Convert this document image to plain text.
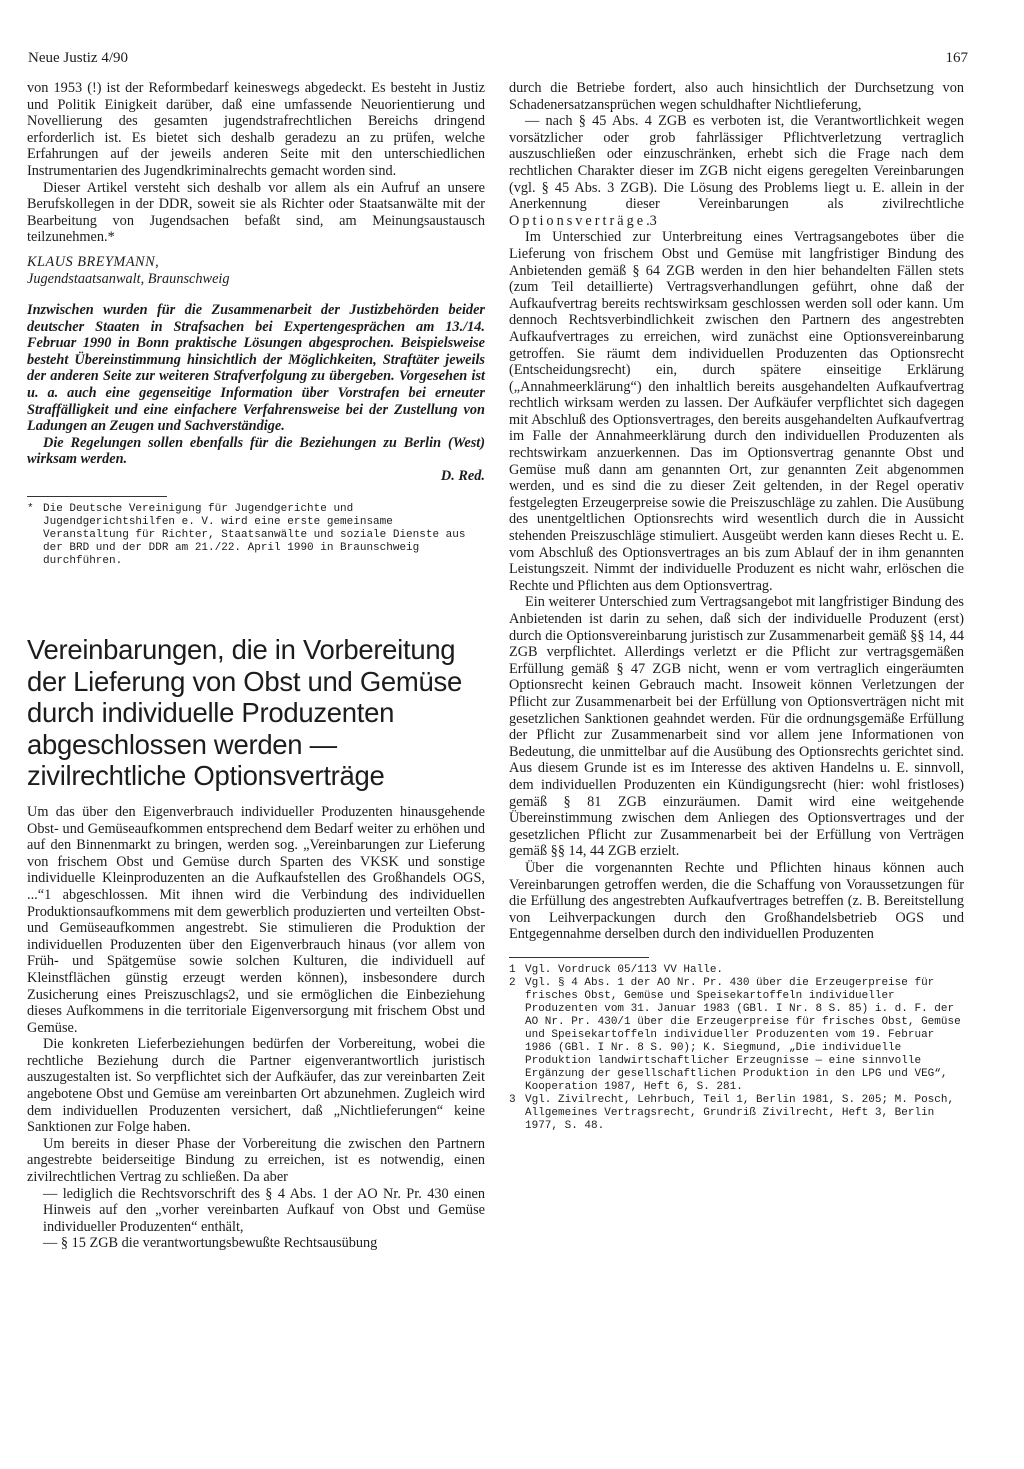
Neue Justiz 4/90	167

von 1953 (!) ist der Reformbedarf keineswegs abgedeckt. Es besteht in Justiz und Politik Einigkeit darüber, daß eine umfassende Neuorientierung und Novellierung des gesamten jugendstrafrechtlichen Bereichs dringend erforderlich ist. Es bietet sich deshalb geradezu an zu prüfen, welche Erfahrungen auf der jeweils anderen Seite mit den unterschiedlichen Instrumentarien des Jugendkriminalrechts gemacht worden sind.

Dieser Artikel versteht sich deshalb vor allem als ein Aufruf an unsere Berufskollegen in der DDR, soweit sie als Richter oder Staatsanwälte mit der Bearbeitung von Jugendsachen befaßt sind, am Meinungsaustausch teilzunehmen.*

KLAUS BREYMANN,
Jugendstaatsanwalt, Braunschweig

Inzwischen wurden für die Zusammenarbeit der Justizbehörden beider deutscher Staaten in Strafsachen bei Expertengesprächen am 13./14. Februar 1990 in Bonn praktische Lösungen abgesprochen. Beispielsweise besteht Übereinstimmung hinsichtlich der Möglichkeiten, Straftäter jeweils der anderen Seite zur weiteren Strafverfolgung zu übergeben. Vorgesehen ist u. a. auch eine gegenseitige Information über Vorstrafen bei erneuter Straffälligkeit und eine einfachere Verfahrensweise bei der Zustellung von Ladungen an Zeugen und Sachverständige.

Die Regelungen sollen ebenfalls für die Beziehungen zu Berlin (West) wirksam werden.

D. Red.
* Die Deutsche Vereinigung für Jugendgerichte und Jugendgerichtshilfen e. V. wird eine erste gemeinsame Veranstaltung für Richter, Staatsanwälte und soziale Dienste aus der BRD und der DDR am 21./22. April 1990 in Braunschweig durchführen.
Vereinbarungen, die in Vorbereitung
der Lieferung von Obst und Gemüse
durch individuelle Produzenten
abgeschlossen werden —
zivilrechtliche Optionsverträge

Um das über den Eigenverbrauch individueller Produzenten hinausgehende Obst- und Gemüseaufkommen entsprechend dem Bedarf weiter zu erhöhen und auf den Binnenmarkt zu bringen, werden sog. „Vereinbarungen zur Lieferung von frischem Obst und Gemüse durch Sparten des VKSK und sonstige individuelle Kleinproduzenten an die Aufkaufstellen des Großhandels OGS, ...“1 abgeschlossen. Mit ihnen wird die Verbindung des individuellen Produktionsaufkommens mit dem gewerblich produzierten und verteilten Obst- und Gemüseaufkommen angestrebt. Sie stimulieren die Produktion der individuellen Produzenten über den Eigenverbrauch hinaus (vor allem von Früh- und Spätgemüse sowie solchen Kulturen, die individuell auf Kleinstflächen günstig erzeugt werden können), insbesondere durch Zusicherung eines Preiszuschlags2, und sie ermöglichen die Einbeziehung dieses Aufkommens in die territoriale Eigenversorgung mit frischem Obst und Gemüse.

Die konkreten Lieferbeziehungen bedürfen der Vorbereitung, wobei die rechtliche Beziehung durch die Partner eigenverantwortlich juristisch auszugestalten ist. So verpflichtet sich der Aufkäufer, das zur vereinbarten Zeit angebotene Obst und Gemüse am vereinbarten Ort abzunehmen. Zugleich wird dem individuellen Produzenten versichert, daß „Nichtlieferungen“ keine Sanktionen zur Folge haben.

Um bereits in dieser Phase der Vorbereitung die zwischen den Partnern angestrebte beiderseitige Bindung zu erreichen, ist es notwendig, einen zivilrechtlichen Vertrag zu schließen. Da aber

— lediglich die Rechtsvorschrift des § 4 Abs. 1 der AO Nr. Pr. 430 einen Hinweis auf den „vorher vereinbarten Aufkauf von Obst und Gemüse individueller Produzenten“ enthält,

— § 15 ZGB die verantwortungsbewußte Rechtsausübung

durch die Betriebe fordert, also auch hinsichtlich der Durchsetzung von Schadenersatzansprüchen wegen schuldhafter Nichtlieferung,

— nach § 45 Abs. 4 ZGB es verboten ist, die Verantwortlichkeit wegen vorsätzlicher oder grob fahrlässiger Pflichtverletzung vertraglich auszuschließen oder einzuschränken, erhebt sich die Frage nach dem rechtlichen Charakter dieser im ZGB nicht eigens geregelten Vereinbarungen (vgl. § 45 Abs. 3 ZGB). Die Lösung des Problems liegt u. E. allein in der Anerkennung dieser Vereinbarungen als zivilrechtliche Optionsverträge.3

Im Unterschied zur Unterbreitung eines Vertragsangebotes über die Lieferung von frischem Obst und Gemüse mit langfristiger Bindung des Anbietenden gemäß § 64 ZGB werden in den hier behandelten Fällen stets (zum Teil detaillierte) Vertragsverhandlungen geführt, ohne daß der Aufkaufvertrag bereits rechtswirksam geschlossen werden soll oder kann. Um dennoch Rechtsverbindlichkeit zwischen den Partnern des angestrebten Aufkaufvertrages zu erreichen, wird zunächst eine Optionsvereinbarung getroffen. Sie räumt dem individuellen Produzenten das Optionsrecht (Entscheidungsrecht) ein, durch spätere einseitige Erklärung („Annahmeerklärung“) den inhaltlich bereits ausgehandelten Aufkaufvertrag rechtlich wirksam werden zu lassen. Der Aufkäufer verpflichtet sich dagegen mit Abschluß des Optionsvertrages, den bereits ausgehandelten Aufkaufvertrag im Falle der Annahmeerklärung durch den individuellen Produzenten als rechtswirkam anzuerkennen. Das im Optionsvertrag genannte Obst und Gemüse muß dann am genannten Ort, zur genannten Zeit abgenommen werden, und es sind die zu dieser Zeit geltenden, in der Regel operativ festgelegten Erzeugerpreise sowie die Preiszuschläge zu zahlen. Die Ausübung des unentgeltlichen Optionsrechts wird wesentlich durch die in Aussicht stehenden Preiszuschläge stimuliert. Ausgeübt werden kann dieses Recht u. E. vom Abschluß des Optionsvertrages an bis zum Ablauf der in ihm genannten Leistungszeit. Nimmt der individuelle Produzent es nicht wahr, erlöschen die Rechte und Pflichten aus dem Optionsvertrag.

Ein weiterer Unterschied zum Vertragsangebot mit langfristiger Bindung des Anbietenden ist darin zu sehen, daß sich der individuelle Produzent (erst) durch die Optionsvereinbarung juristisch zur Zusammenarbeit gemäß §§ 14, 44 ZGB verpflichtet. Allerdings verletzt er die Pflicht zur vertragsgemäßen Erfüllung gemäß § 47 ZGB nicht, wenn er vom vertraglich eingeräumten Optionsrecht keinen Gebrauch macht. Insoweit können Verletzungen der Pflicht zur Zusammenarbeit bei der Erfüllung von Optionsverträgen nicht mit gesetzlichen Sanktionen geahndet werden. Für die ordnungsgemäße Erfüllung der Pflicht zur Zusammenarbeit sind vor allem jene Informationen von Bedeutung, die unmittelbar auf die Ausübung des Optionsrechts gerichtet sind. Aus diesem Grunde ist es im Interesse des aktiven Handelns u. E. sinnvoll, dem individuellen Produzenten ein Kündigungsrecht (hier: wohl fristloses) gemäß § 81 ZGB einzuräumen. Damit wird eine weitgehende Übereinstimmung zwischen dem Anliegen des Optionsvertrages und der gesetzlichen Pflicht zur Zusammenarbeit bei der Erfüllung von Verträgen gemäß §§ 14, 44 ZGB erzielt.

Über die vorgenannten Rechte und Pflichten hinaus können auch Vereinbarungen getroffen werden, die die Schaffung von Voraussetzungen für die Erfüllung des angestrebten Aufkaufvertrages betreffen (z. B. Bereitstellung von Leihverpackungen durch den Großhandelsbetrieb OGS und Entgegennahme derselben durch den individuellen Produzenten

1 Vgl. Vordruck 05/113 VV Halle.
2 Vgl. § 4 Abs. 1 der AO Nr. Pr. 430 über die Erzeugerpreise für frisches Obst, Gemüse und Speisekartoffeln individueller Produzenten vom 31. Januar 1983 (GBl. I Nr. 8 S. 85) i. d. F. der AO Nr. Pr. 430/1 über die Erzeugerpreise für frisches Obst, Gemüse und Speisekartoffeln individueller Produzenten vom 19. Februar 1986 (GBl. I Nr. 8 S. 90); K. Siegmund, „Die individuelle Produktion landwirtschaftlicher Erzeugnisse — eine sinnvolle Ergänzung der gesellschaftlichen Produktion in den LPG und VEG“, Kooperation 1987, Heft 6, S. 281.
3 Vgl. Zivilrecht, Lehrbuch, Teil 1, Berlin 1981, S. 205; M. Posch, Allgemeines Vertragsrecht, Grundriß Zivilrecht, Heft 3, Berlin 1977, S. 48.
